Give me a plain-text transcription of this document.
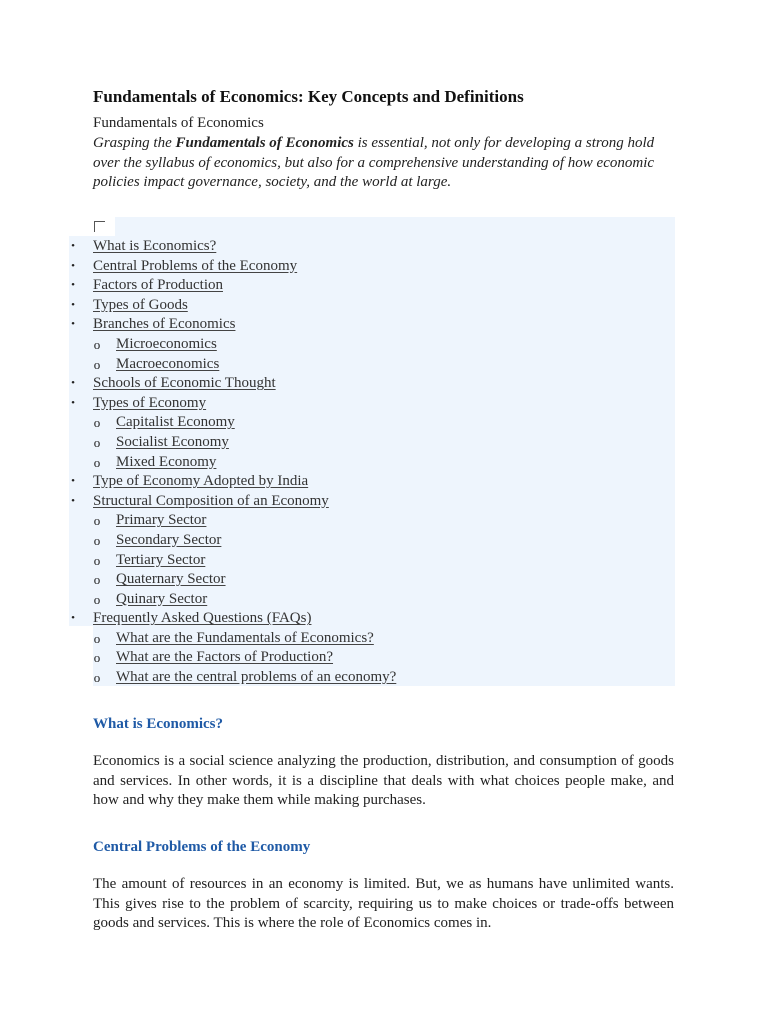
Fundamentals of Economics: Key Concepts and Definitions
Fundamentals of Economics
Grasping the Fundamentals of Economics is essential, not only for developing a strong hold over the syllabus of economics, but also for a comprehensive understanding of how economic policies impact governance, society, and the world at large.
• What is Economics?
• Central Problems of the Economy
• Factors of Production
• Types of Goods
• Branches of Economics
o Microeconomics
o Macroeconomics
• Schools of Economic Thought
• Types of Economy
o Capitalist Economy
o Socialist Economy
o Mixed Economy
• Type of Economy Adopted by India
• Structural Composition of an Economy
o Primary Sector
o Secondary Sector
o Tertiary Sector
o Quaternary Sector
o Quinary Sector
• Frequently Asked Questions (FAQs)
o What are the Fundamentals of Economics?
o What are the Factors of Production?
o What are the central problems of an economy?
What is Economics?
Economics is a social science analyzing the production, distribution, and consumption of goods and services. In other words, it is a discipline that deals with what choices people make, and how and why they make them while making purchases.
Central Problems of the Economy
The amount of resources in an economy is limited. But, we as humans have unlimited wants. This gives rise to the problem of scarcity, requiring us to make choices or trade-offs between goods and services. This is where the role of Economics comes in.
